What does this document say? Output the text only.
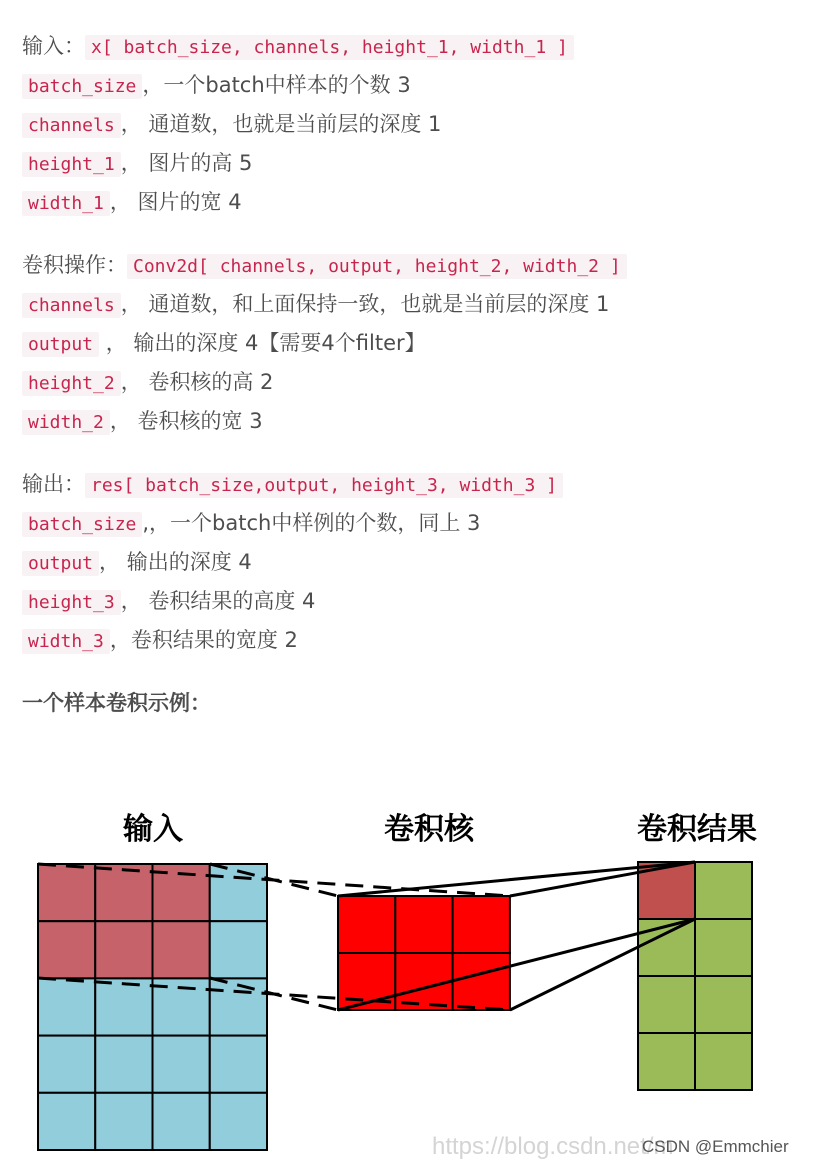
输入： x[ batch_size, channels, height_1, width_1 ]
batch_size ，一个batch中样本的个数 3
channels ， 通道数，也就是当前层的深度 1
height_1 ， 图片的高 5
width_1 ， 图片的宽 4
卷积操作： Conv2d[ channels, output, height_2, width_2 ]
channels ， 通道数，和上面保持一致，也就是当前层的深度 1
output ， 输出的深度 4【需要4个filter】
height_2 ， 卷积核的高 2
width_2 ， 卷积核的宽 3
输出： res[ batch_size,output, height_3, width_3 ]
batch_size ,，一个batch中样例的个数，同上 3
output ， 输出的深度 4
height_3 ， 卷积结果的高度 4
width_3 ，卷积结果的宽度 2
一个样本卷积示例：
输入	卷积核	卷积结果
https://blog.csdn.net/m
CSDN @Emmchier
